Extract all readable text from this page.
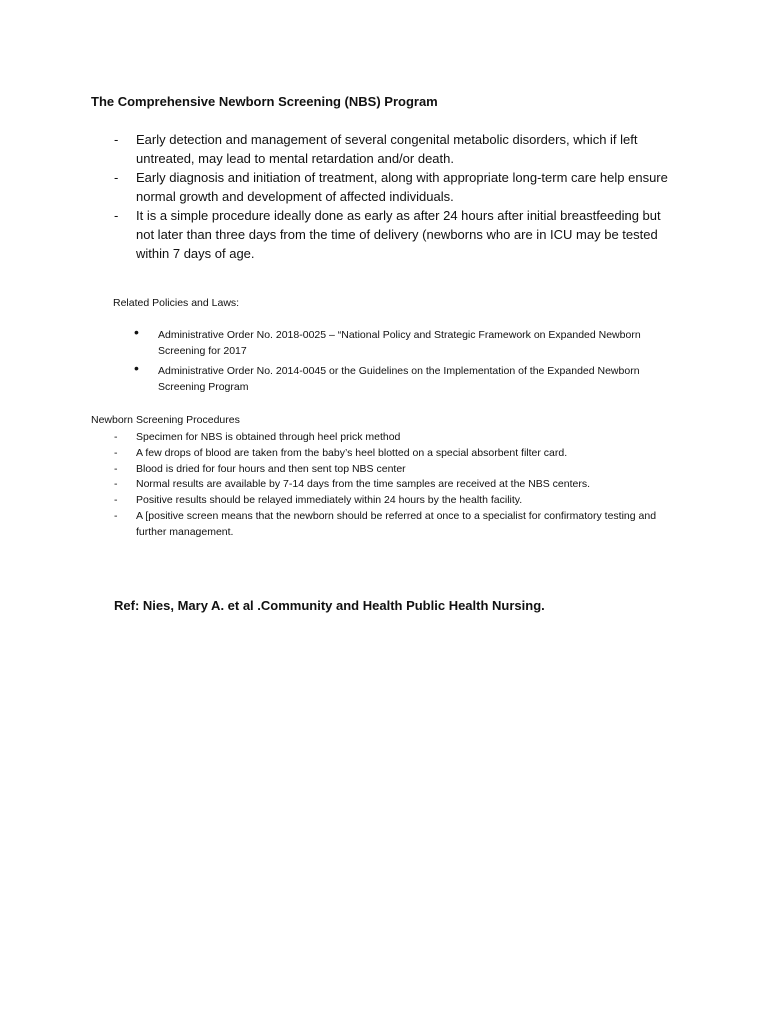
The Comprehensive Newborn Screening (NBS) Program
- Early detection and management of several congenital metabolic disorders, which if left untreated, may lead to mental retardation and/or death.
- Early diagnosis and initiation of treatment, along with appropriate long-term care help ensure normal growth and development of affected individuals.
- It is a simple procedure ideally done as early as after 24 hours after initial breastfeeding but not later than three days from the time of delivery (newborns who are in ICU may be tested within 7 days of age.
Related Policies and Laws:
• Administrative Order No. 2018-0025 – “National Policy and Strategic Framework on Expanded Newborn Screening for 2017
• Administrative Order No. 2014-0045 or the Guidelines on the Implementation of the Expanded Newborn Screening Program
Newborn Screening Procedures
- Specimen for NBS is obtained through heel prick method
- A few drops of blood are taken from the baby’s heel blotted on a special absorbent filter card.
- Blood is dried for four hours and then sent top NBS center
- Normal results are available by 7-14 days from the time samples are received at the NBS centers.
- Positive results should be relayed immediately within 24 hours by the health facility.
- A [positive screen means that the newborn should be referred at once to a specialist for confirmatory testing and further management.
Ref: Nies, Mary A. et al .Community and Health Public Health Nursing.
